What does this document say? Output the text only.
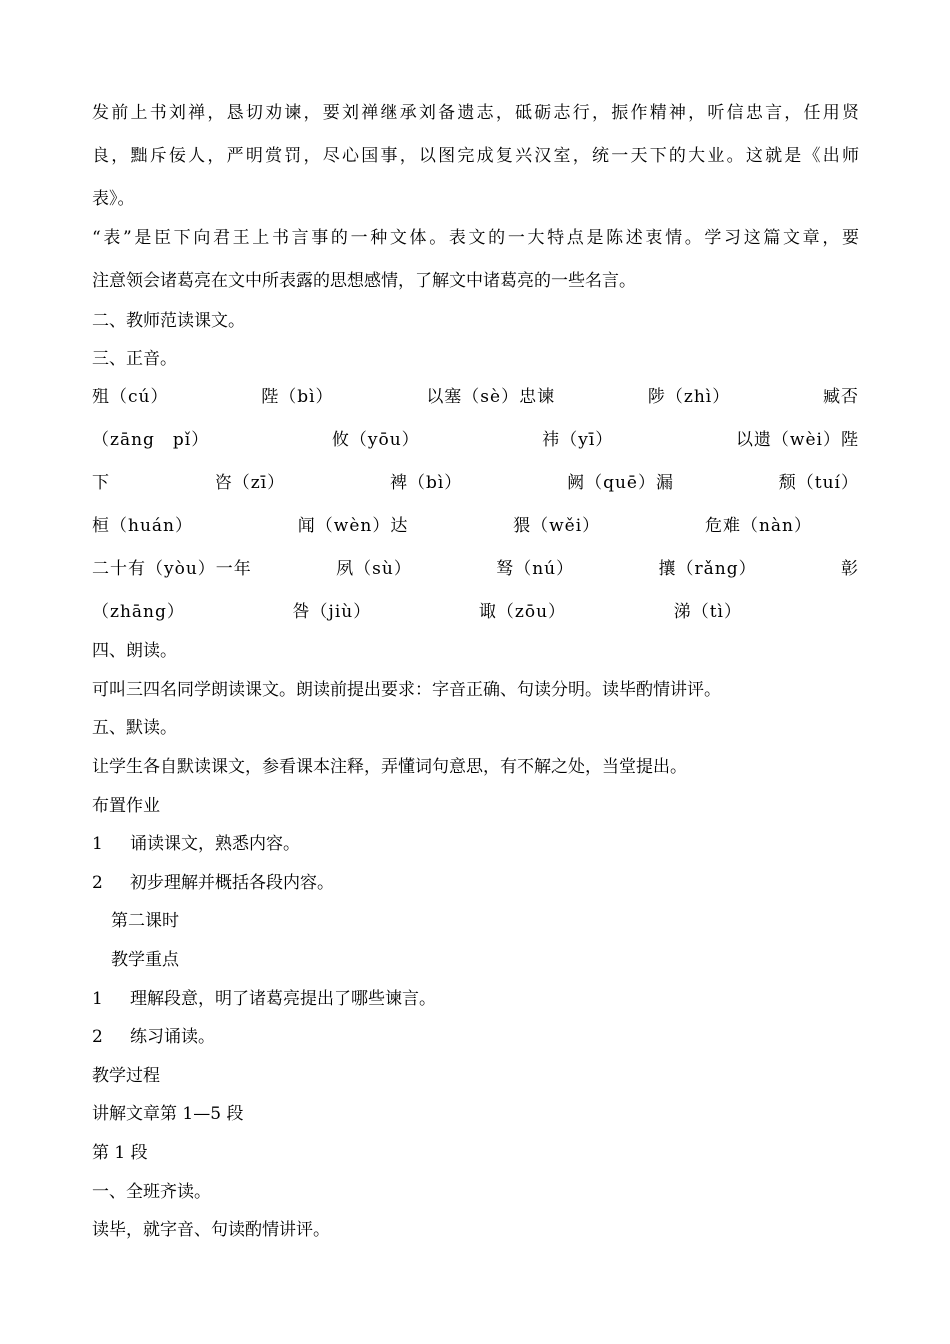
发前上书刘禅，恳切劝谏，要刘禅继承刘备遗志，砥砺志行，振作精神，听信忠言，任用贤
良，黜斥佞人，严明赏罚，尽心国事，以图完成复兴汉室，统一天下的大业。这就是《出师
表》。
“表”是臣下向君王上书言事的一种文体。表文的一大特点是陈述衷情。学习这篇文章，要
注意领会诸葛亮在文中所表露的思想感情，了解文中诸葛亮的一些名言。
二、教师范读课文。
三、正音。
殂（cú）	陛（bì）	以塞（sè）忠谏	陟（zhì）	臧否
（zāng　pǐ）	攸（yōu）	祎（yī）	以遗（wèi）陛
下	咨（zī）	裨（bì）	阙（quē）漏	颓（tuí）
桓（huán）	闻（wèn）达	猥（wěi）	危难（nàn）
二十有（yòu）一年	夙（sù）	驽（nú）	攘（rǎng）	彰
（zhāng）	咎（jiù）	诹（zōu）	涕（tì）
四、朗读。
可叫三四名同学朗读课文。朗读前提出要求：字音正确、句读分明。读毕酌情讲评。
五、默读。
让学生各自默读课文，参看课本注释，弄懂词句意思，有不解之处，当堂提出。
布置作业
1 诵读课文，熟悉内容。
2 初步理解并概括各段内容。
第二课时
教学重点
1 理解段意，明了诸葛亮提出了哪些谏言。
2 练习诵读。
教学过程
讲解文章第 1—5 段
第 1 段
一、全班齐读。
读毕，就字音、句读酌情讲评。
